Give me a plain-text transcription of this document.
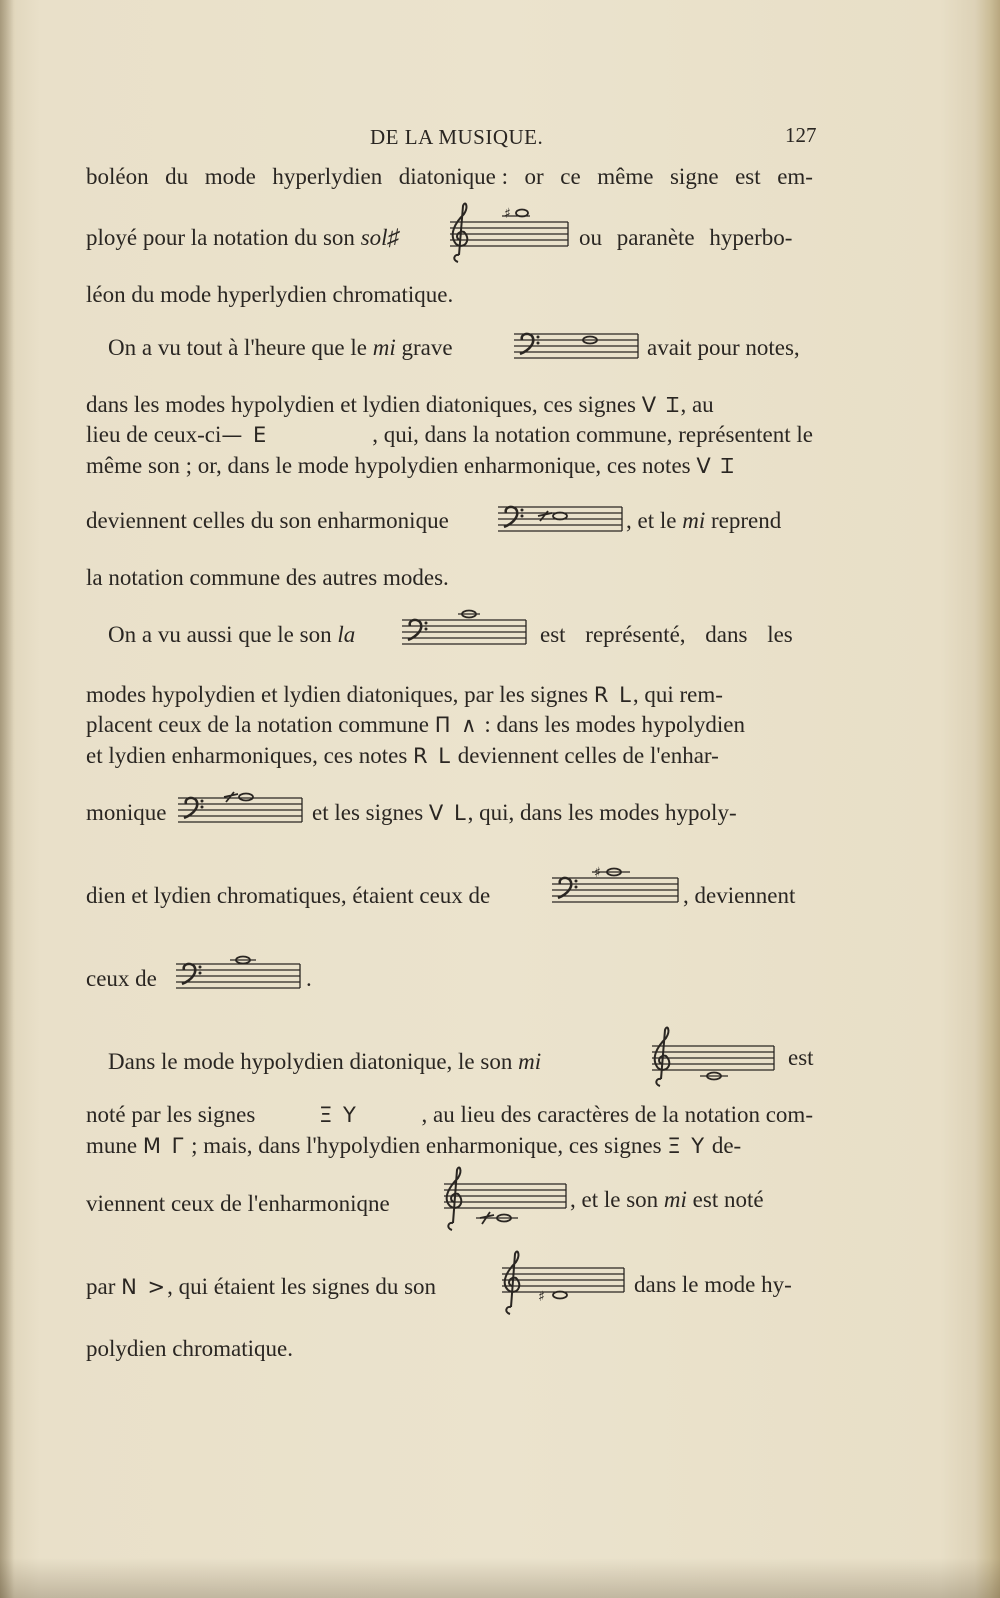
DE LA MUSIQUE.	127
boléon du mode hyperlydien diatonique : or ce même signe est em-
ployé pour la notation du son sol♯
♯
ou paranète hyperbo-
léon du mode hyperlydien chromatique.
On a vu tout à l'heure que le mi grave	avait pour notes,
dans les modes hypolydien et lydien diatoniques, ces signes V Ɪ, au
lieu de ceux-ci — E	, qui, dans la notation commune, représentent le
même son ; or, dans le mode hypolydien enharmonique, ces notes V Ɪ
deviennent celles du son enharmonique	, et le mi reprend
la notation commune des autres modes.
On a vu aussi que le son la	est représenté, dans les
modes hypolydien et lydien diatoniques, par les signes R L, qui rem-
placent ceux de la notation commune Π ∧ : dans les modes hypolydien
et lydien enharmoniques, ces notes R L deviennent celles de l'enhar-
monique	et les signes V L, qui, dans les modes hypoly-
dien et lydien chromatiques, étaient ceux de
♯
, deviennent
ceux de	.
Dans le mode hypolydien diatonique, le son mi	est
noté par les signes	Ξ Y	, au lieu des caractères de la notation com-
mune M Γ ; mais, dans l'hypolydien enharmonique, ces signes Ξ Y de-
viennent ceux de l'enharmoniqne	, et le son mi est noté
par N >, qui étaient les signes du son	♯	dans le mode hy-
polydien chromatique.
